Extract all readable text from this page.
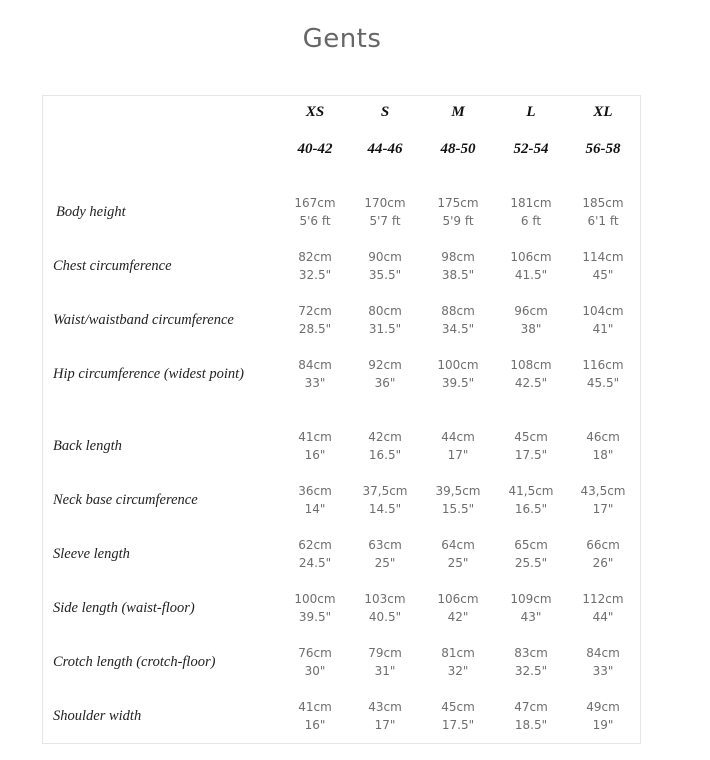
Gents
XS
40-42
S
44-46
M
48-50
L
52-54
XL
56-58
Body height
167cm
5'6 ft
170cm
5'7 ft
175cm
5'9 ft
181cm
6 ft
185cm
6'1 ft
Chest circumference
82cm
32.5"
90cm
35.5"
98cm
38.5"
106cm
41.5"
114cm
45"
Waist/waistband circumference
72cm
28.5"
80cm
31.5"
88cm
34.5"
96cm
38"
104cm
41"
Hip circumference (widest point)
84cm
33"
92cm
36"
100cm
39.5"
108cm
42.5"
116cm
45.5"
Back length
41cm
16"
42cm
16.5"
44cm
17"
45cm
17.5"
46cm
18"
Neck base circumference
36cm
14"
37,5cm
14.5"
39,5cm
15.5"
41,5cm
16.5"
43,5cm
17"
Sleeve length
62cm
24.5"
63cm
25"
64cm
25"
65cm
25.5"
66cm
26"
Side length (waist-floor)
100cm
39.5"
103cm
40.5"
106cm
42"
109cm
43"
112cm
44"
Crotch length (crotch-floor)
76cm
30"
79cm
31"
81cm
32"
83cm
32.5"
84cm
33"
Shoulder width
41cm
16"
43cm
17"
45cm
17.5"
47cm
18.5"
49cm
19"
